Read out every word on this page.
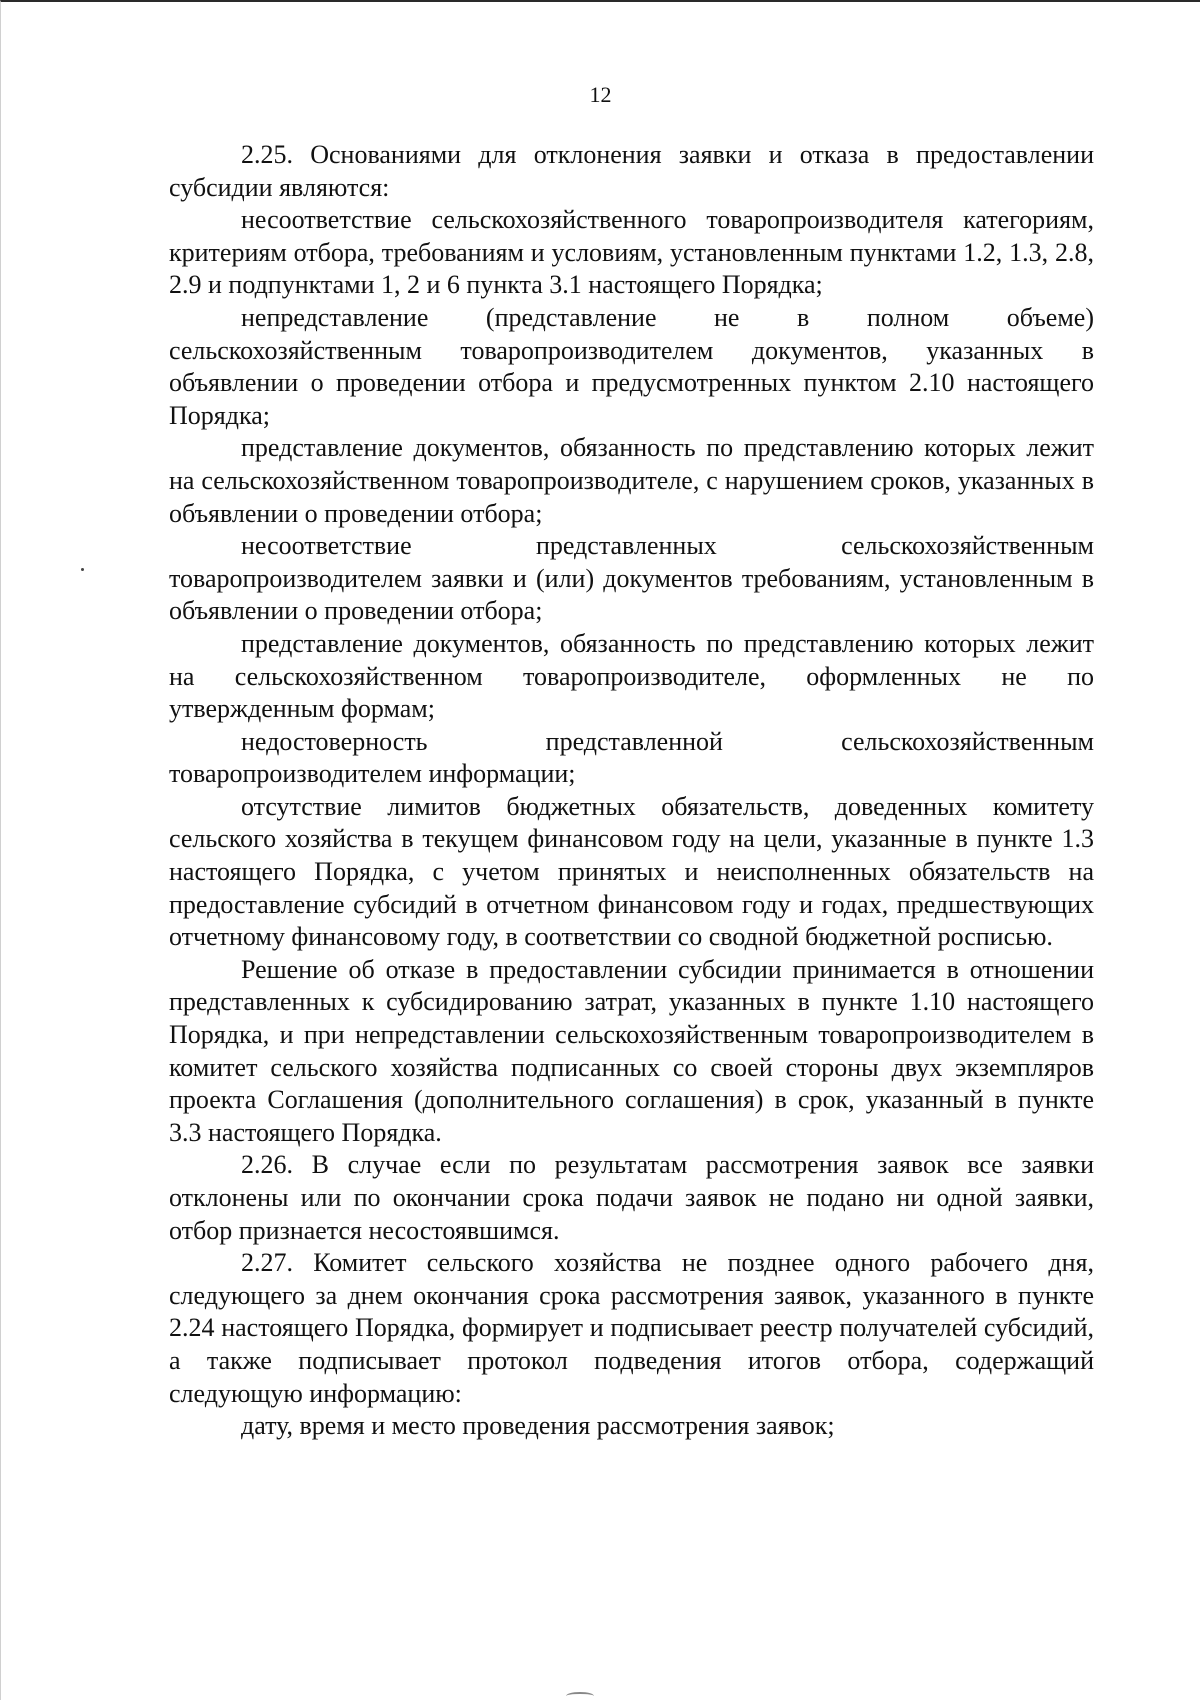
12

2.25. Основаниями для отклонения заявки и отказа в предоставлении субсидии являются:

несоответствие сельскохозяйственного товаропроизводителя категориям, критериям отбора, требованиям и условиям, установленным пунктами 1.2, 1.3, 2.8, 2.9 и подпунктами 1, 2 и 6 пункта 3.1 настоящего Порядка;

непредставление (представление не в полном объеме) сельскохозяйственным товаропроизводителем документов, указанных в объявлении о проведении отбора и предусмотренных пунктом 2.10 настоящего Порядка;

представление документов, обязанность по представлению которых лежит на сельскохозяйственном товаропроизводителе, с нарушением сроков, указанных в объявлении о проведении отбора;

несоответствие представленных сельскохозяйственным товаропроизводителем заявки и (или) документов требованиям, установленным в объявлении о проведении отбора;

представление документов, обязанность по представлению которых лежит на сельскохозяйственном товаропроизводителе, оформленных не по утвержденным формам;

недостоверность представленной сельскохозяйственным товаропроизводителем информации;

отсутствие лимитов бюджетных обязательств, доведенных комитету сельского хозяйства в текущем финансовом году на цели, указанные в пункте 1.3 настоящего Порядка, с учетом принятых и неисполненных обязательств на предоставление субсидий в отчетном финансовом году и годах, предшествующих отчетному финансовому году, в соответствии со сводной бюджетной росписью.

Решение об отказе в предоставлении субсидии принимается в отношении представленных к субсидированию затрат, указанных в пункте 1.10 настоящего Порядка, и при непредставлении сельскохозяйственным товаропроизводителем в комитет сельского хозяйства подписанных со своей стороны двух экземпляров проекта Соглашения (дополнительного соглашения) в срок, указанный в пункте 3.3 настоящего Порядка.

2.26. В случае если по результатам рассмотрения заявок все заявки отклонены или по окончании срока подачи заявок не подано ни одной заявки, отбор признается несостоявшимся.

2.27. Комитет сельского хозяйства не позднее одного рабочего дня, следующего за днем окончания срока рассмотрения заявок, указанного в пункте 2.24 настоящего Порядка, формирует и подписывает реестр получателей субсидий, а также подписывает протокол подведения итогов отбора, содержащий следующую информацию:

дату, время и место проведения рассмотрения заявок;
